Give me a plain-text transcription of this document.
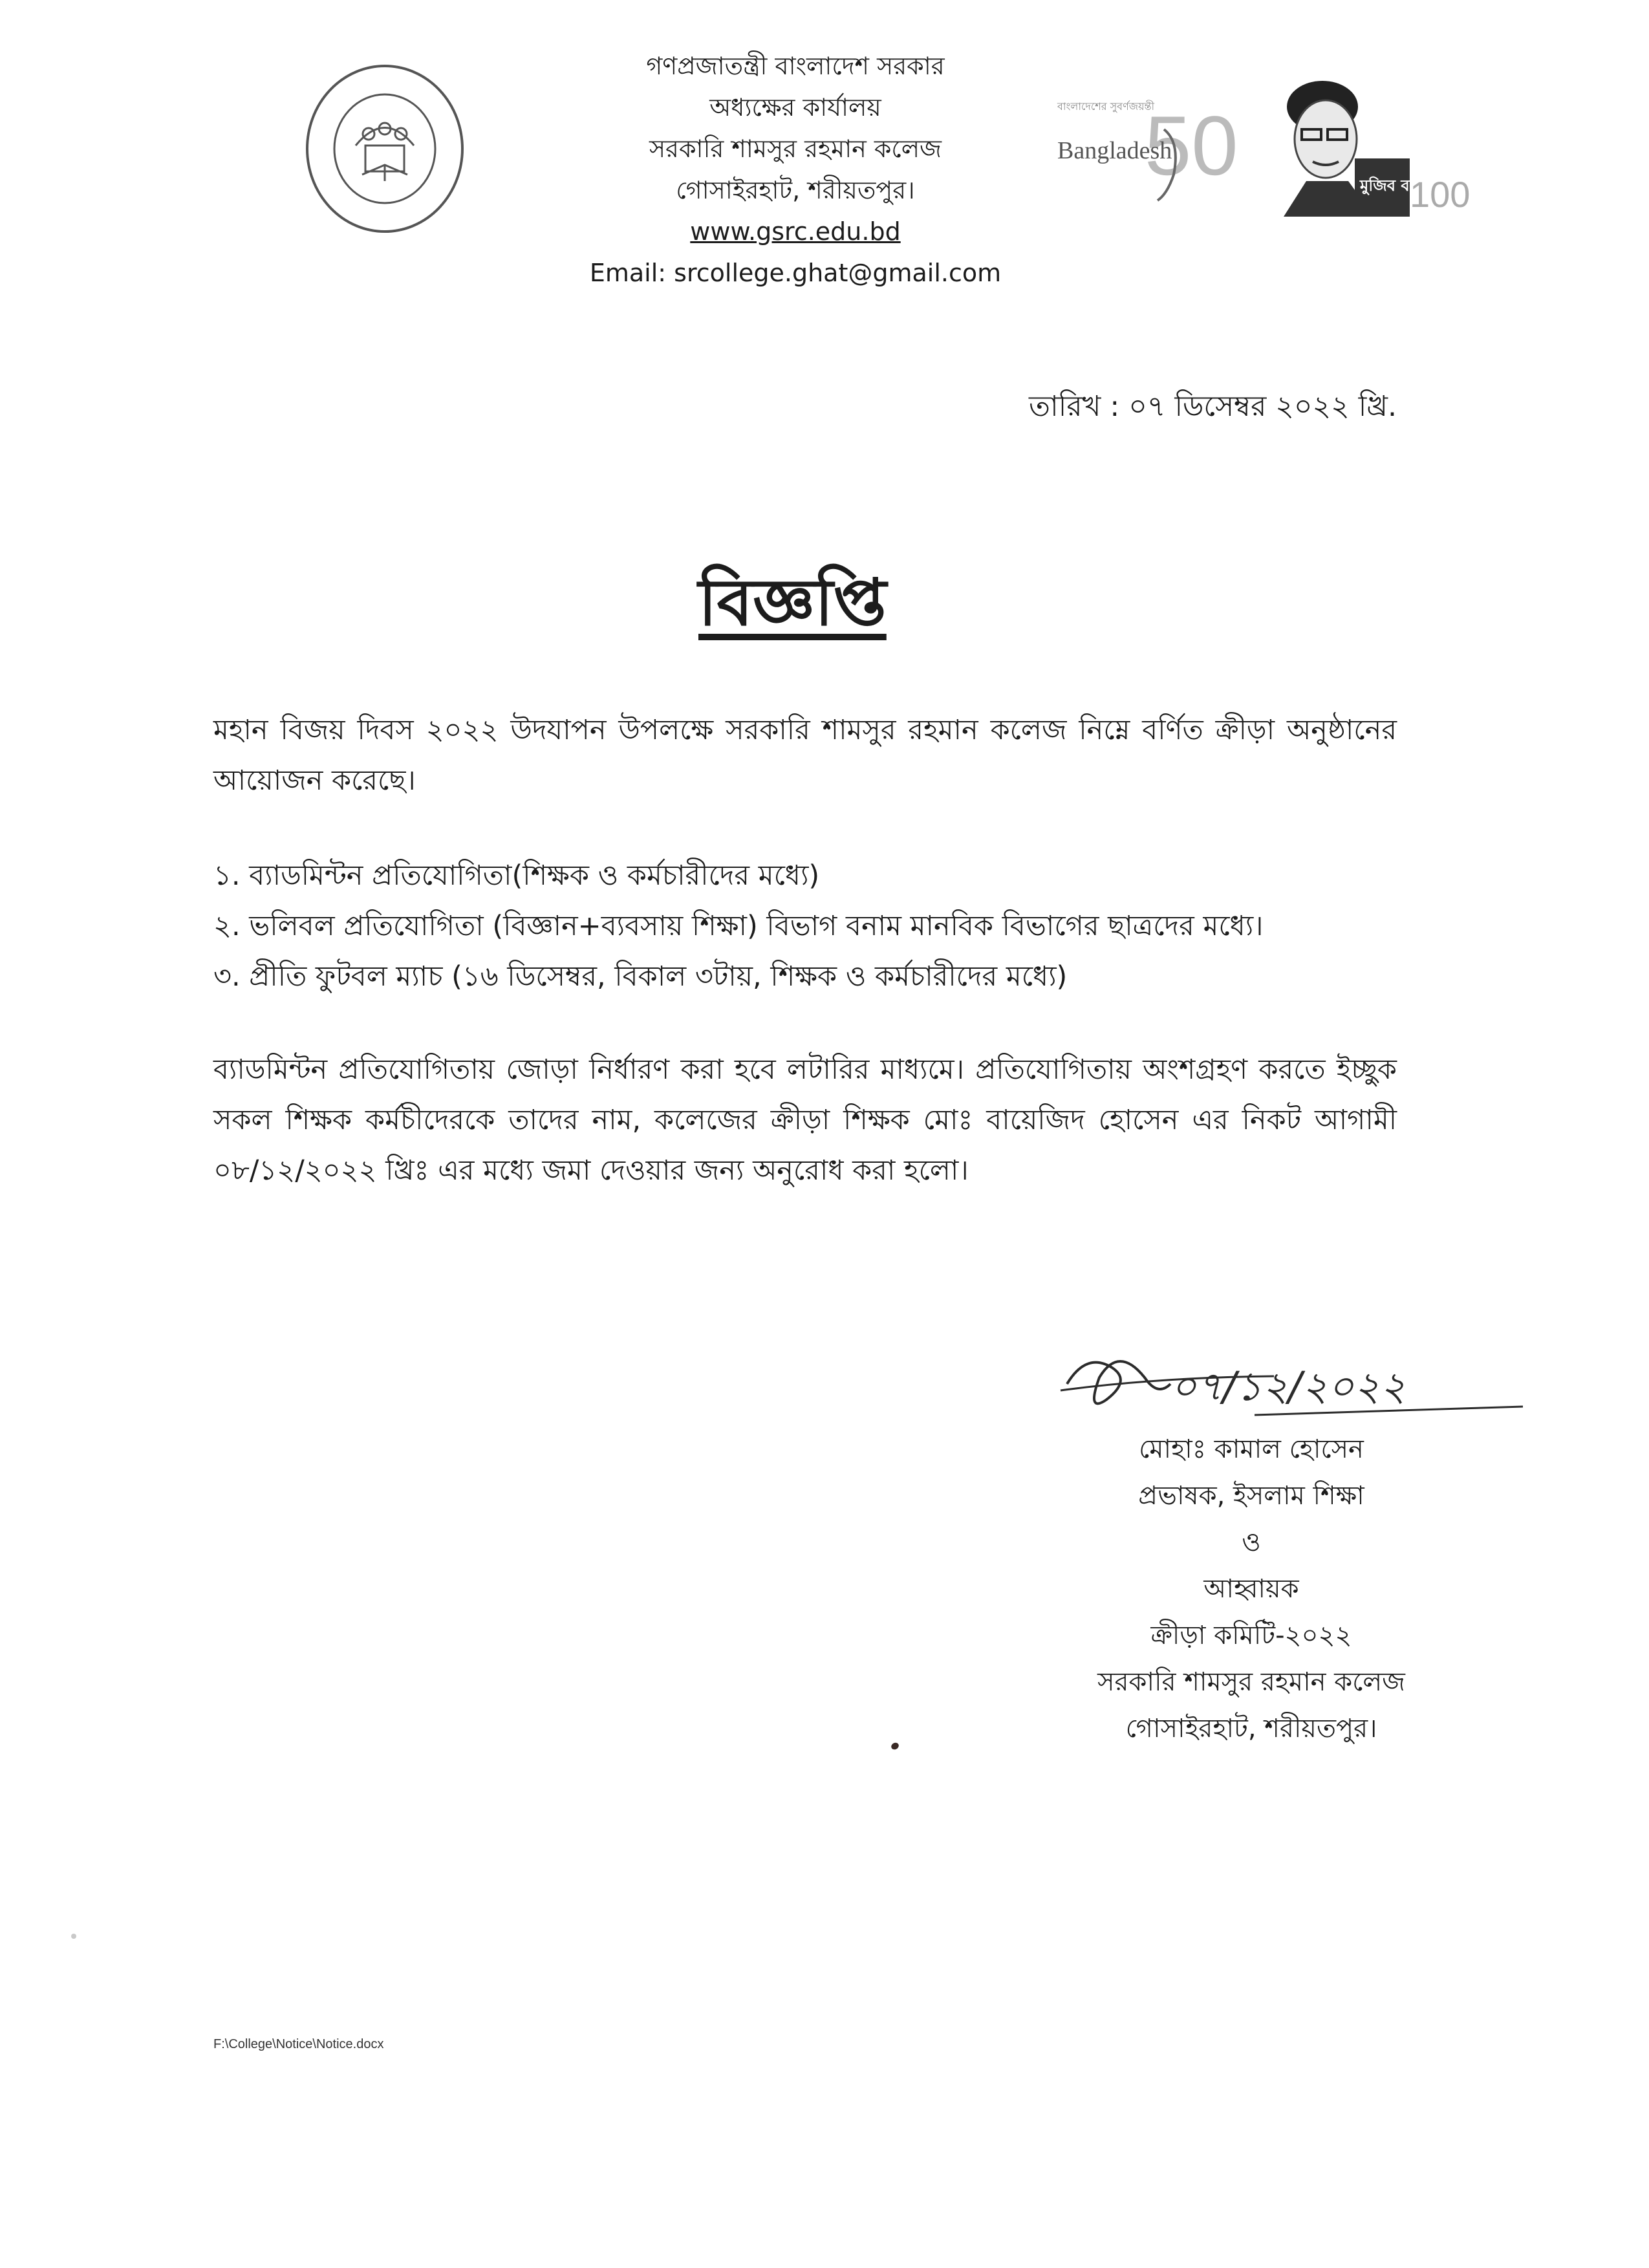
গণপ্রজাতন্ত্রী বাংলাদেশ সরকার
অধ্যক্ষের কার্যালয়
সরকারি শামসুর রহমান কলেজ
গোসাইরহাট, শরীয়তপুর।
www.gsrc.edu.bd
Email: srcollege.ghat@gmail.com
বাংলাদেশের সুবর্ণজয়ন্তী
50
Bangladesh
মুজিব বর্ষ
100
তারিখ : ০৭ ডিসেম্বর ২০২২ খ্রি.
বিজ্ঞপ্তি
মহান বিজয় দিবস ২০২২ উদযাপন উপলক্ষে সরকারি শামসুর রহমান কলেজ নিম্নে বর্ণিত ক্রীড়া অনুষ্ঠানের আয়োজন করেছে।
১. ব্যাডমিন্টন প্রতিযোগিতা(শিক্ষক ও কর্মচারীদের মধ্যে)
২. ভলিবল প্রতিযোগিতা (বিজ্ঞান+ব্যবসায় শিক্ষা) বিভাগ বনাম মানবিক বিভাগের ছাত্রদের মধ্যে।
৩. প্রীতি ফুটবল ম্যাচ (১৬ ডিসেম্বর, বিকাল ৩টায়, শিক্ষক ও কর্মচারীদের মধ্যে)
ব্যাডমিন্টন প্রতিযোগিতায় জোড়া নির্ধারণ করা হবে লটারির মাধ্যমে। প্রতিযোগিতায় অংশগ্রহণ করতে ইচ্ছুক সকল শিক্ষক কর্মচীদেরকে তাদের নাম, কলেজের ক্রীড়া শিক্ষক মোঃ বায়েজিদ হোসেন এর নিকট আগামী ০৮/১২/২০২২ খ্রিঃ এর মধ্যে জমা দেওয়ার জন্য অনুরোধ করা হলো।
০৭/১২/২০২২
মোহাঃ কামাল হোসেন
প্রভাষক, ইসলাম শিক্ষা
ও
আহ্বায়ক
ক্রীড়া কমিটি-২০২২
সরকারি শামসুর রহমান কলেজ
গোসাইরহাট, শরীয়তপুর।
F:\College\Notice\Notice.docx
